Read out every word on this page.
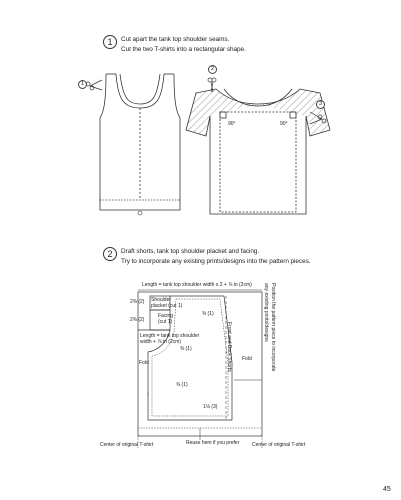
1	Cut apart the tank top shoulder seams.
Cut the two T-shirts into a rectangular shape.
1
2
3
90°	90°
2	Draft shorts, tank top shoulder placket and facing.
Try to incorporate any existing prints/designs into the pattern pieces.
Length = tank top shoulder width x 2 + ⅞ in (2cm)
2⅜ (2) Shoulder
placket (cut 1)
2⅜ (2)
Facing
(cut 1)
Length = tank top shoulder
width + ⅞ in (2cm)
Fold
⅜ (1)
⅜ (1)
⅜ (1)
Fold
1⅛ (3)
Front and Back Shorts	Position the pattern piece to incorporate
any existing prints/designs
Center of original T-shirt	Reuse hem if you prefer	Center of original T-shirt
45
